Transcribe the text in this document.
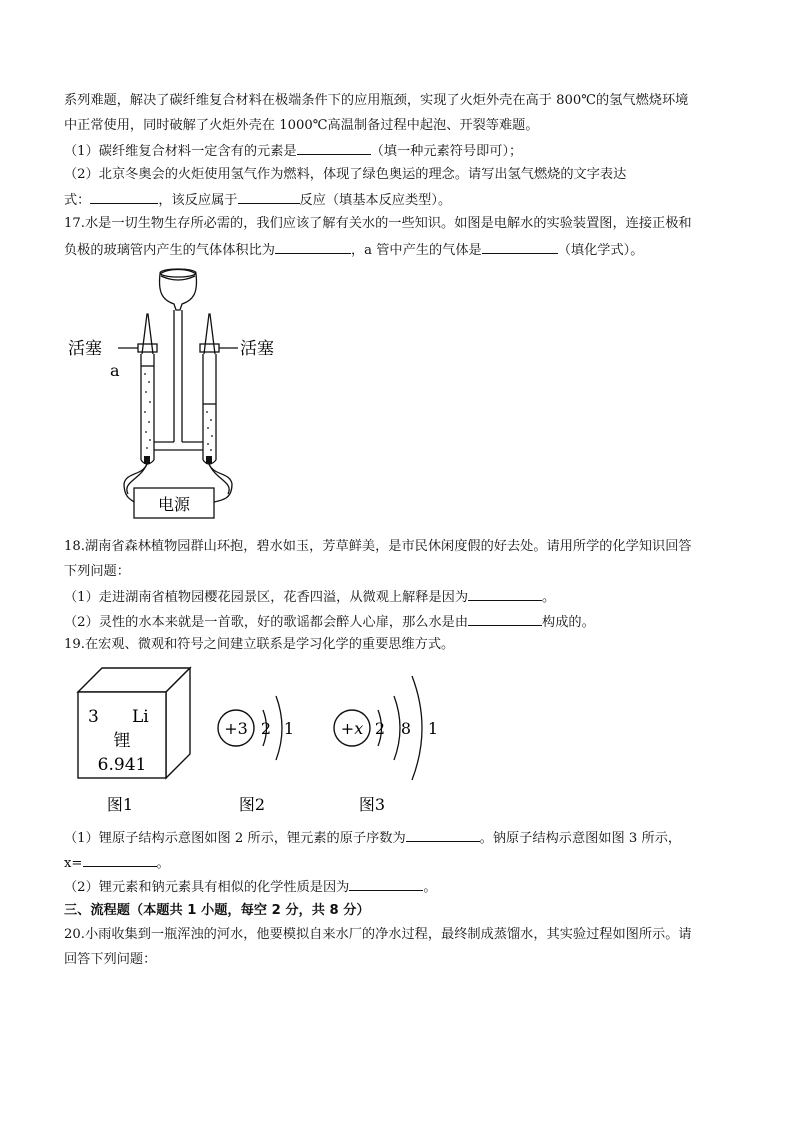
系列难题，解决了碳纤维复合材料在极端条件下的应用瓶颈，实现了火炬外壳在高于 800℃的氢气燃烧环境
中正常使用，同时破解了火炬外壳在 1000℃高温制备过程中起泡、开裂等难题。
（1）碳纤维复合材料一定含有的元素是	（填一种元素符号即可）；
（2）北京冬奥会的火炬使用氢气作为燃料，体现了绿色奥运的理念。请写出氢气燃烧的文字表达
式：	，该反应属于	反应（填基本反应类型）。
17.水是一切生物生存所必需的，我们应该了解有关水的一些知识。如图是电解水的实验装置图，连接正极和
负极的玻璃管内产生的气体体积比为	，a 管中产生的气体是	（填化学式）。
活塞	活塞
a
电源
18.湖南省森林植物园群山环抱，碧水如玉，芳草鲜美，是市民休闲度假的好去处。请用所学的化学知识回答
下列问题：
（1）走进湖南省植物园樱花园景区，花香四溢，从微观上解释是因为	。
（2）灵性的水本来就是一首歌，好的歌谣都会醉人心扉，那么水是由	构成的。
19.在宏观、微观和符号之间建立联系是学习化学的重要思维方式。
3 Li
锂
6.941
图1
+3 2 1
图2
+x 2 8 1
图3
（1）锂原子结构示意图如图 2 所示，锂元素的原子序数为	。钠原子结构示意图如图 3 所示，
x=	。
（2）锂元素和钠元素具有相似的化学性质是因为	。
三、流程题（本题共 1 小题，每空 2 分，共 8 分）
20.小雨收集到一瓶浑浊的河水，他要模拟自来水厂的净水过程，最终制成蒸馏水，其实验过程如图所示。请
回答下列问题：
